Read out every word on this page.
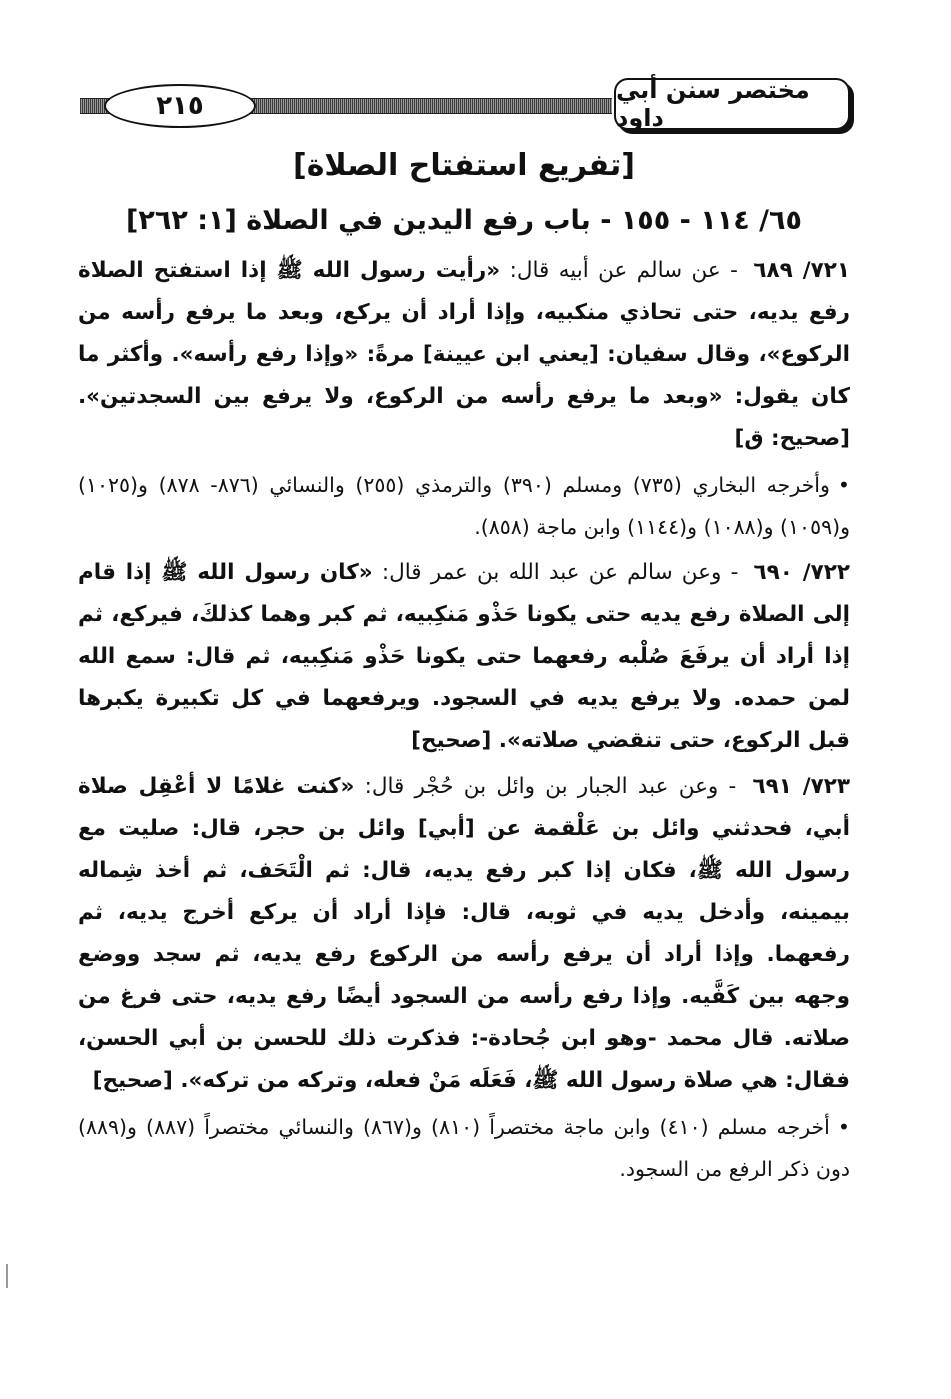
٢١٥
مختصر سنن أبي داود
[تفريع استفتاح الصلاة]
٦٥/ ١١٤ - ١٥٥ - باب رفع اليدين في الصلاة [١: ٢٦٢]

٧٢١/ ٦٨٩ - عن سالم عن أبيه قال: «رأيت رسول الله ﷺ إذا استفتح الصلاة رفع يديه، حتى تحاذي منكبيه، وإذا أراد أن يركع، وبعد ما يرفع رأسه من الركوع»، وقال سفيان: [يعني ابن عيينة] مرةً: «وإذا رفع رأسه». وأكثر ما كان يقول: «وبعد ما يرفع رأسه من الركوع، ولا يرفع بين السجدتين». [صحيح: ق]

•وأخرجه البخاري (٧٣٥) ومسلم (٣٩٠) والترمذي (٢٥٥) والنسائي (٨٧٦- ٨٧٨) و(١٠٢٥) و(١٠٥٩) و(١٠٨٨) و(١١٤٤) وابن ماجة (٨٥٨).

٧٢٢/ ٦٩٠ - وعن سالم عن عبد الله بن عمر قال: «كان رسول الله ﷺ إذا قام إلى الصلاة رفع يديه حتى يكونا حَذْو مَنكِبيه، ثم كبر وهما كذلكَ، فيركع، ثم إذا أراد أن يرفَعَ صُلْبه رفعهما حتى يكونا حَذْو مَنكِبيه، ثم قال: سمع الله لمن حمده. ولا يرفع يديه في السجود. ويرفعهما في كل تكبيرة يكبرها قبل الركوع، حتى تنقضي صلاته». [صحيح]

٧٢٣/ ٦٩١ - وعن عبد الجبار بن وائل بن حُجْر قال: «كنت غلامًا لا أعْقِل صلاة أبي، فحدثني وائل بن عَلْقمة عن [أبي] وائل بن حجر، قال: صليت مع رسول الله ﷺ، فكان إذا كبر رفع يديه، قال: ثم الْتَحَف، ثم أخذ شِماله بيمينه، وأدخل يديه في ثوبه، قال: فإذا أراد أن يركع أخرج يديه، ثم رفعهما. وإذا أراد أن يرفع رأسه من الركوع رفع يديه، ثم سجد ووضع وجهه بين كَفَّيه. وإذا رفع رأسه من السجود أيضًا رفع يديه، حتى فرغ من صلاته. قال محمد -وهو ابن جُحادة-: فذكرت ذلك للحسن بن أبي الحسن، فقال: هي صلاة رسول الله ﷺ، فَعَلَه مَنْ فعله، وتركه من تركه». [صحيح]

•أخرجه مسلم (٤١٠) وابن ماجة مختصراً (٨١٠) و(٨٦٧) والنسائي مختصراً (٨٨٧) و(٨٨٩) دون ذكر الرفع من السجود.
